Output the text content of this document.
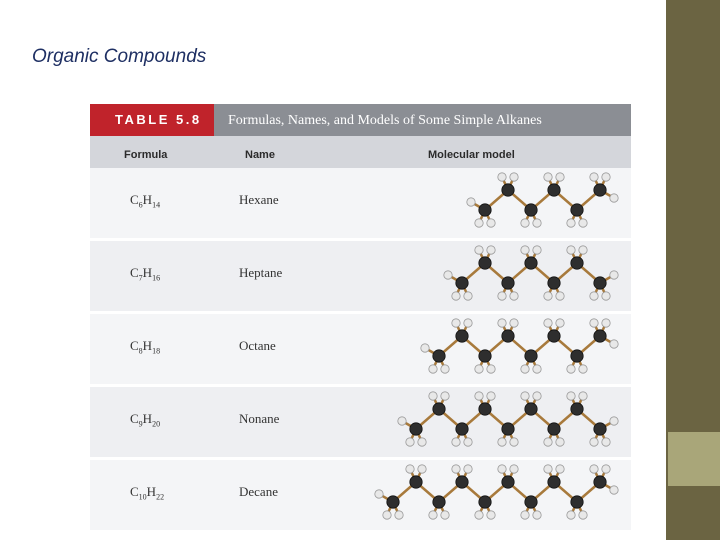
Organic Compounds
TABLE 5.8	Formulas, Names, and Models of Some Simple Alkanes
Formula	Name	Molecular model
$C_6H_{14}$	Hexane
$C_7H_{16}$	Heptane
$C_8H_{18}$	Octane
$C_9H_{20}$	Nonane
$C_{10}H_{22}$	Decane
